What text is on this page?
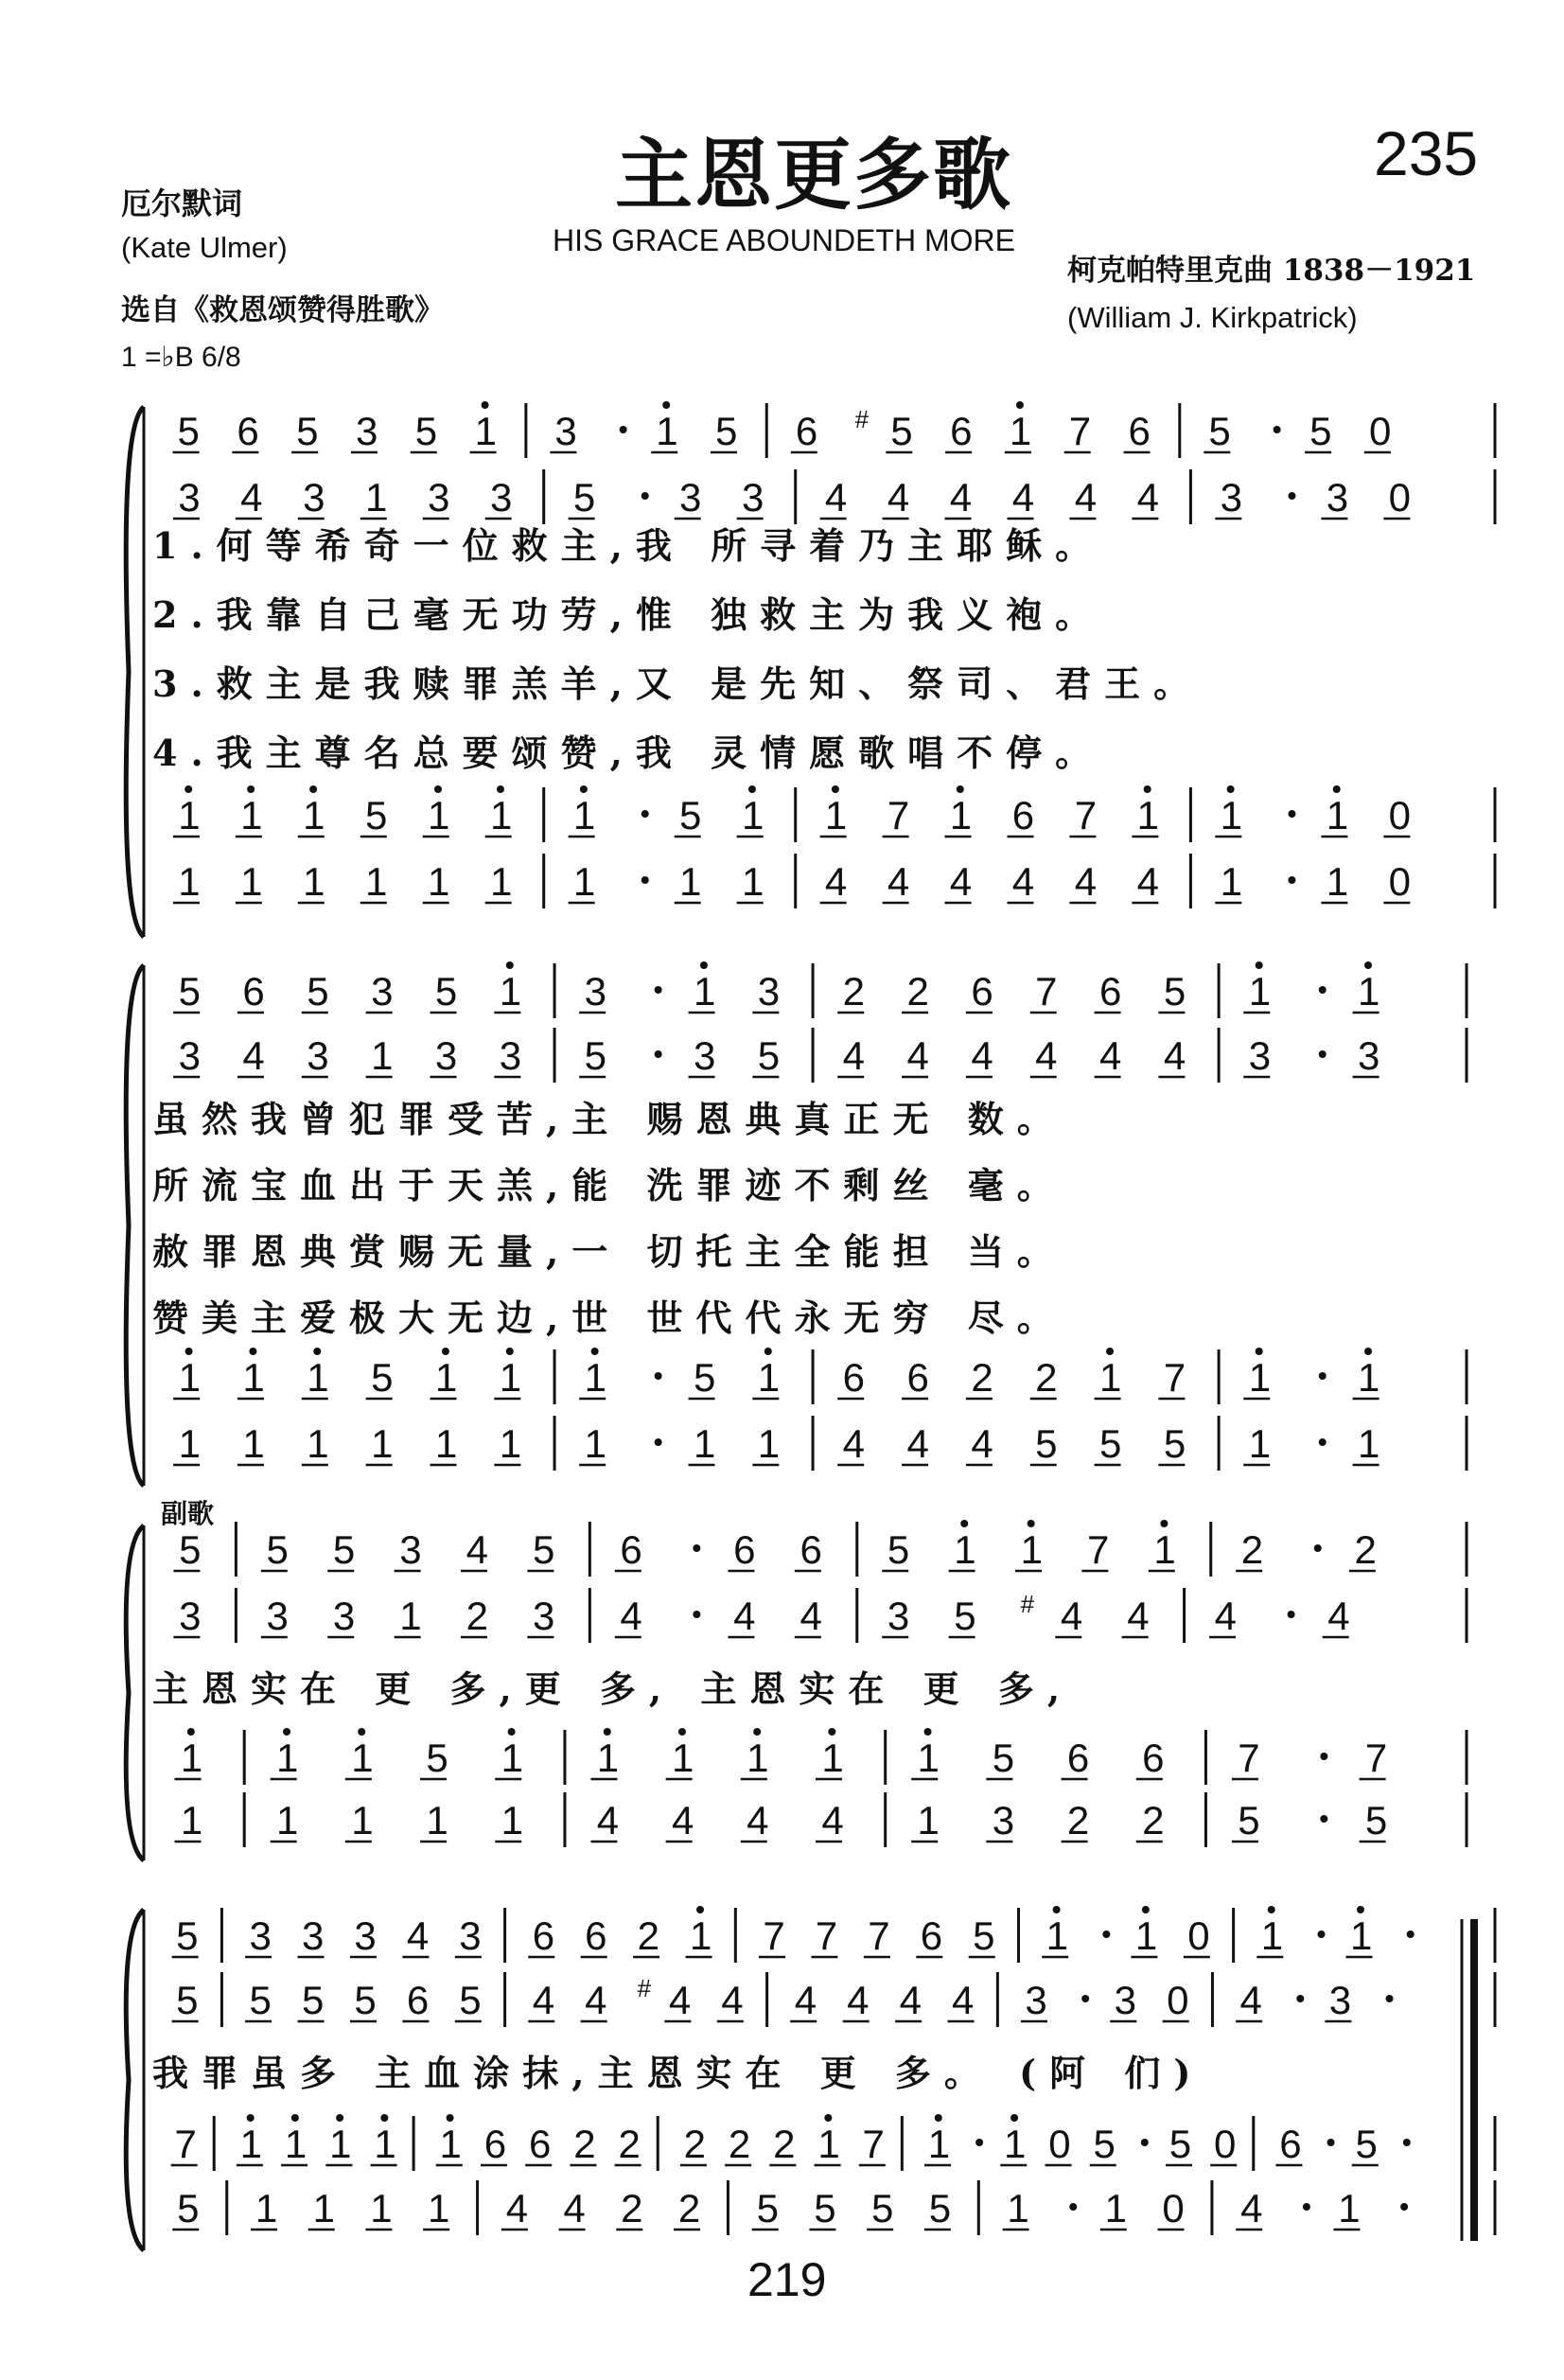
厄尔默词
(Kate Ulmer)
选自《救恩颂赞得胜歌》
1 =♭B 6/8
主恩更多歌
HIS GRACE ABOUNDETH MORE
235
柯克帕特里克曲 1838－1921
(William J. Kirkpatrick)
副歌
219
5 6 5 3 5 1 3 1 5 6 # 5 6 1 7 6 5 5 0
3 4 3 1 3 3 5 3 3 4 4 4 4 4 4 3 3 0
1 1 1 5 1 1 1 5 1 1 7 1 6 7 1 1 1 0
1 1 1 1 1 1 1 1 1 4 4 4 4 4 4 1 1 0
1.何等希奇一位救主,我 所寻着乃主耶稣。
2.我靠自己毫无功劳,惟 独救主为我义袍。
3.救主是我赎罪羔羊,又 是先知、祭司、君王。
4.我主尊名总要颂赞,我 灵情愿歌唱不停。
5 6 5 3 5 1 3 1 3 2 2 6 7 6 5 1 1
3 4 3 1 3 3 5 3 5 4 4 4 4 4 4 3 3
1 1 1 5 1 1 1 5 1 6 6 2 2 1 7 1 1
1 1 1 1 1 1 1 1 1 4 4 4 5 5 5 1 1
虽然我曾犯罪受苦,主 赐恩典真正无 数。
所流宝血出于天羔,能 洗罪迹不剩丝 毫。
赦罪恩典赏赐无量,一 切托主全能担 当。
赞美主爱极大无边,世 世代代永无穷 尽。
5 5 5 3 4 5 6 6 6 5 1 1 7 1 2 2
3 3 3 1 2 3 4 4 4 3 5 # 4 4 4 4
1 1 1 5 1 1 1 1 1 1 5 6 6 7	7
1 1 1 1 1 4 4 4 4 1 3 2 2 5	5
主恩实在 更 多,更 多, 主恩实在 更 多,
5 3 3 3 4 3 6 6 2 1 7 7 7 6 5 1 1 0 1 1
5 5 5 5 6 5 4 4 # 4 4 4 4 4 4 3 3 0 4 3
7 1 1 1 1 1 6 6 2 2 2 2 2 1 7 1 1 0 5 5 0 6 5
5 1 1 1 1 4 4 2 2 5 5 5 5 1 1 0 4 1
我罪虽多 主血涂抹,主恩实在 更 多。 (阿 们)
